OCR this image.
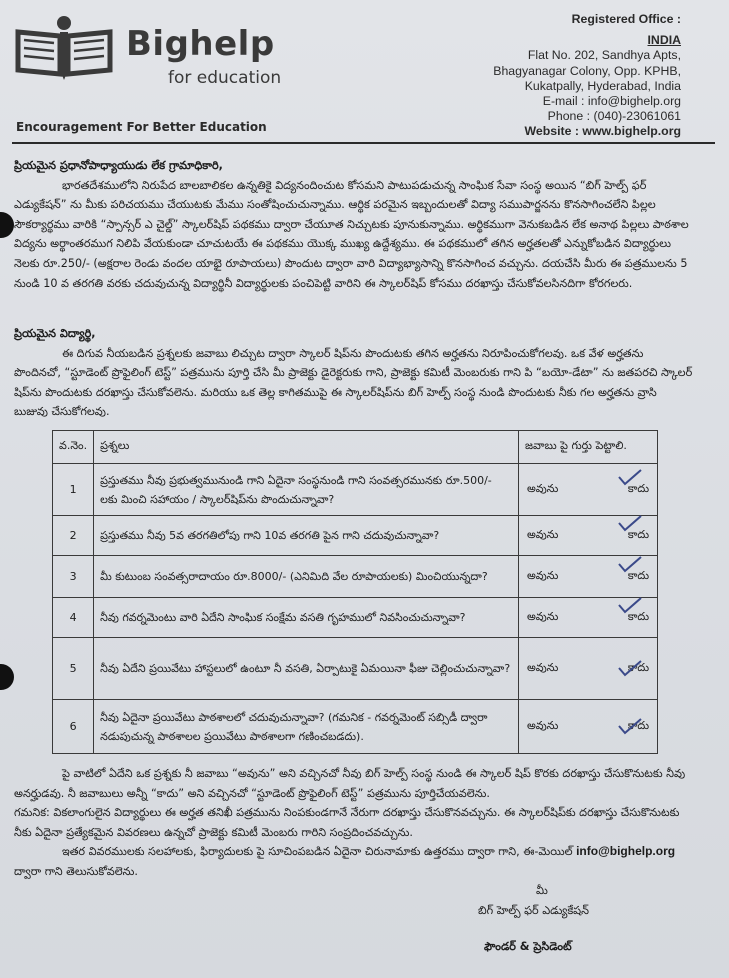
Bighelp
for education
Encouragement For Better Education
Registered Office :
INDIA
Flat No. 202, Sandhya Apts,
Bhagyanagar Colony, Opp. KPHB,
Kukatpally, Hyderabad, India
E-mail : info@bighelp.org
Phone : (040)-23061061
Website : www.bighelp.org

ప్రియమైన ప్రధానోపాధ్యాయుడు లేక గ్రామాధికారి,

భారతదేశములోని నిరుపేద బాలబాలికల ఉన్నతికై విద్యనందించుట కోసమని పాటుపడుచున్న సాంఘిక సేవా సంస్థ అయిన “బిగ్ హెల్ప్ ఫర్ ఎడ్యుకేషన్” ను మీకు పరిచయము చేయుటకు మేము సంతోషించుచున్నాము. ఆర్థిక పరమైన ఇబ్బందులతో విద్యా సముపార్జనను కొనసాగించలేని పిల్లల సౌకర్యార్థము వారికి “స్పాన్సర్ ఎ చైల్డ్” స్కాలర్‌షిప్ పథకము ద్వారా చేయూత నిచ్చుటకు పూనుకున్నాము. అర్థికముగా వెనుకబడిన లేక అనాథ పిల్లలు పాఠశాల విద్యను అర్థాంతరముగ నిలిపి వేయకుండా చూచుటయే ఈ పథకము యొక్క ముఖ్య ఉద్దేశ్యము. ఈ పథకములో తగిన అర్హతలతో ఎన్నుకోబడిన విద్యార్థులు నెలకు రూ.250/- (అక్షరాల రెండు వందల యాభై రూపాయలు) పొందుట ద్వారా వారి విద్యాభ్యాసాన్ని కొనసాగించ వచ్చును. దయచేసి మీరు ఈ పత్రములను 5 నుండి 10 వ తరగతి వరకు చదువుచున్న విద్యార్థినీ విద్యార్థులకు పంచిపెట్టి వారిని ఈ స్కాలర్‌షిప్ కోసము దరఖాస్తు చేసుకోవలసినదిగా కోరగలరు.

ప్రియమైన విద్యార్థి,

ఈ దిగువ నీయబడిన ప్రశ్నలకు జవాబు లిచ్చుట ద్వారా స్కాలర్ షిప్‌ను పొందుటకు తగిన అర్హతను నిరూపించుకోగలవు. ఒక వేళ అర్హతను పొందినచో, “స్టూడెంట్ ప్రొఫైలింగ్ టెస్ట్” పత్రమును పూర్తి చేసి మీ ప్రాజెక్టు డైరెక్టరుకు గాని, ప్రాజెక్టు కమిటీ మెంబరుకు గాని పి “బయో-డేటా” ను జతపరచి స్కాలర్ షిప్‌ను పొందుటకు దరఖాస్తు చేసుకోవలెను. మరియు ఒక తెల్ల కాగితముపై ఈ స్కాలర్‌షిప్‌ను బిగ్ హెల్ప్ సంస్థ నుండి పొందుటకు నీకు గల అర్హతను వ్రాసి బుజువు చేసుకోగలవు.

వ.నెం.	ప్రశ్నలు	జవాబు పై గుర్తు పెట్టాలి.
1	ప్రస్తుతము నీవు ప్రభుత్వమునుండి గాని ఏదైనా సంస్థనుండి గాని సంవత్సరమునకు రూ.500/- లకు మించి సహాయం / స్కాలర్‌షిప్‌ను పొందుచున్నావా?	అవును కాదు

2	ప్రస్తుతము నీవు 5వ తరగతిలోపు గాని 10వ తరగతి పైన గాని చదువుచున్నావా?	అవును కాదు

3	మీ కుటుంబ సంవత్సరాదాయం రూ.8000/- (ఎనిమిది వేల రూపాయలకు) మించియున్నదా?	అవును కాదు

4	నీవు గవర్నమెంటు వారి ఏదేని సాంఘిక సంక్షేమ వసతి గృహములో నివసించుచున్నావా?	అవును కాదు

5	నీవు ఏదేని ప్రయివేటు హాస్టలులో ఉంటూ నీ వసతి, ఏర్పాటుకై ఏమయినా ఫీజు చెల్లించుచున్నావా?	అవును కాదు

6	నీవు ఏదైనా ప్రయివేటు పాఠశాలలో చదువుచున్నావా? (గమనిక - గవర్నమెంట్ సబ్సిడీ ద్వారా నడుపుచున్న పాఠశాలల ప్రయివేటు పాఠశాలగా గణించబడదు).	అవును కాదు

పై వాటిలో ఏదేని ఒక ప్రశ్నకు నీ జవాబు “అవును” అని వచ్చినచో నీవు బిగ్ హెల్ప్ సంస్థ నుండి ఈ స్కాలర్ షిప్ కొరకు దరఖాస్తు చేసుకొనుటకు నీవు అనర్హుడవు. నీ జవాబులు అన్నీ “కాదు” అని వచ్చినచో “స్టూడెంట్ ప్రొఫైలింగ్ టెస్ట్” పత్రమును పూర్తిచేయవలెను.

గమనిక: వికలాంగులైన విద్యార్థులు ఈ అర్హత తనిఖీ పత్రమును నింపకుండగానే నేరుగా దరఖాస్తు చేసుకొనవచ్చును. ఈ స్కాలర్‌షిప్‌కు దరఖాస్తు చేసుకొనుటకు నీకు ఏదైనా ప్రత్యేకమైన వివరణలు ఉన్నచో ప్రాజెక్టు కమిటీ మెంబరు గారిని సంప్రదించవచ్చును.

ఇతర వివరములకు సలహాలకు, ఫిర్యాదులకు పై సూచింపబడిన ఏదైనా చిరునామాకు ఉత్తరము ద్వారా గాని, ఈ-మెయిల్ info@bighelp.org ద్వారా గాని తెలుసుకోవలెను.

మీ
బిగ్ హెల్ప్ ఫర్ ఎడ్యుకేషన్
ఫౌండర్ & ప్రెసిడెంట్
